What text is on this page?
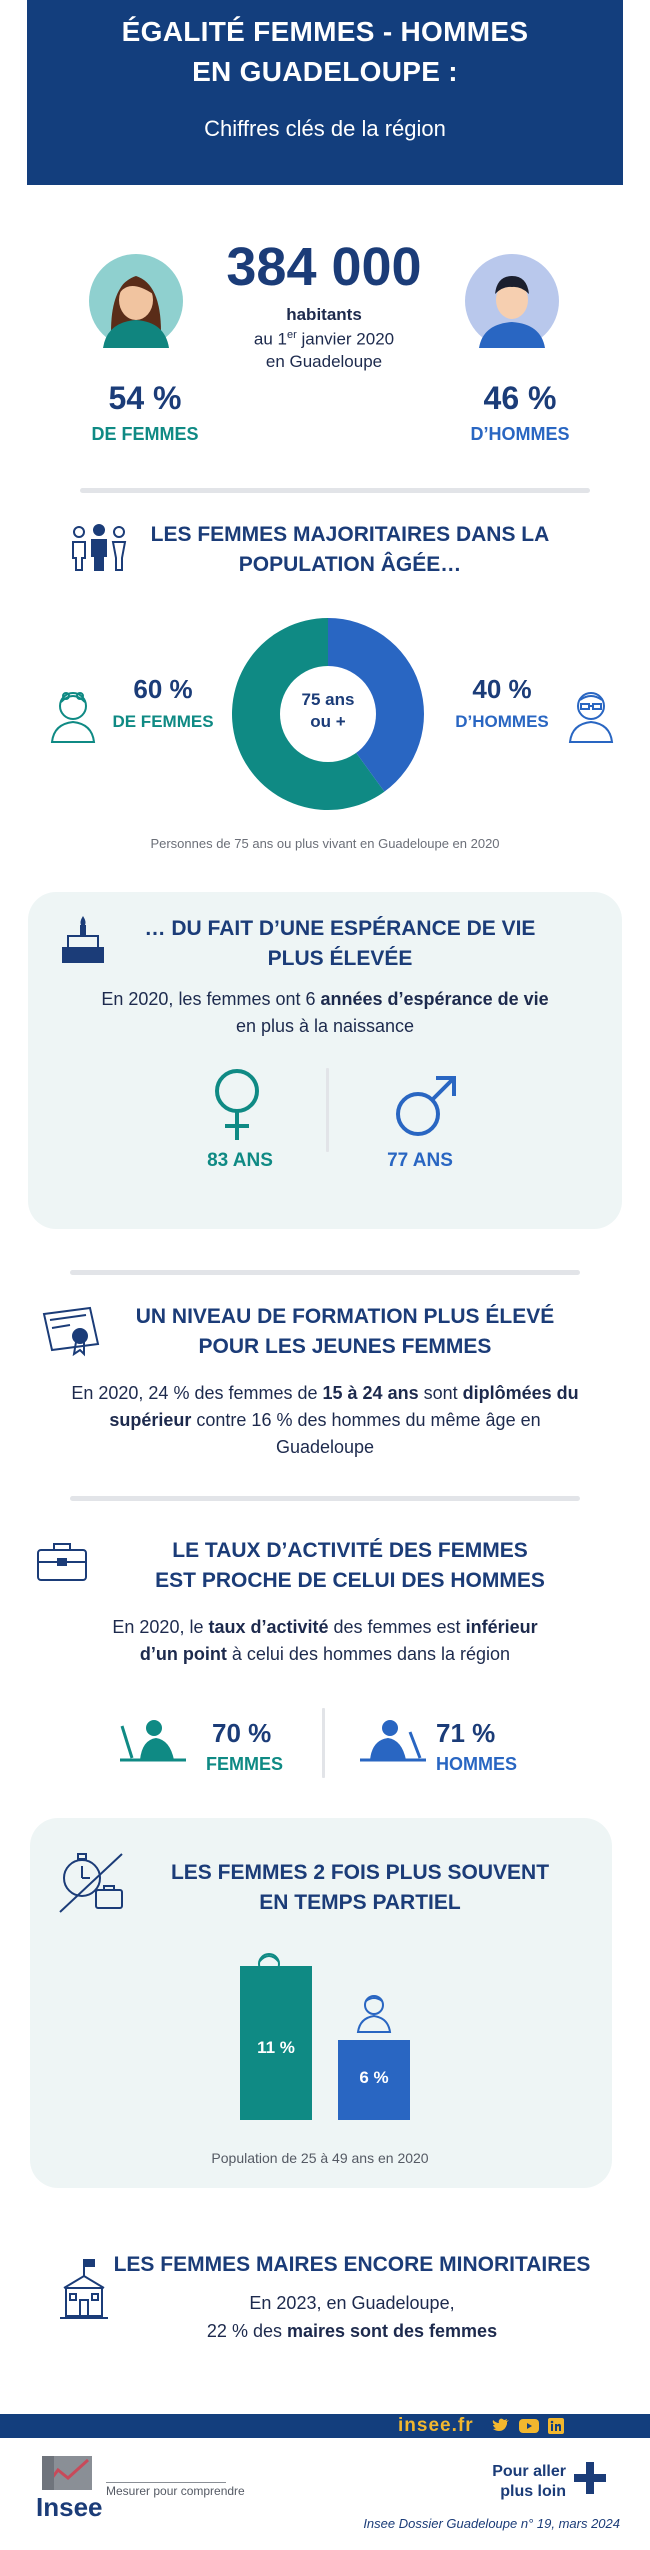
ÉGALITÉ FEMMES - HOMMES
EN GUADELOUPE :
Chiffres clés de la région
384 000
habitants
au 1er janvier 2020
en Guadeloupe
54 %
DE FEMMES
46 %
D’HOMMES
LES FEMMES MAJORITAIRES DANS LA
POPULATION ÂGÉE…
60 %
DE FEMMES
75 ans
ou +
40 %
D’HOMMES
Personnes de 75 ans ou plus vivant en Guadeloupe en 2020
… DU FAIT D’UNE ESPÉRANCE DE VIE
PLUS ÉLEVÉE
En 2020, les femmes ont 6 années d’espérance de vie
en plus à la naissance
83 ANS	77 ANS
UN NIVEAU DE FORMATION PLUS ÉLEVÉ
POUR LES JEUNES FEMMES
En 2020, 24 % des femmes de 15 à 24 ans sont diplômées du
supérieur contre 16 % des hommes du même âge en
Guadeloupe
LE TAUX D’ACTIVITÉ DES FEMMES
EST PROCHE DE CELUI DES HOMMES
En 2020, le taux d’activité des femmes est inférieur
d’un point à celui des hommes dans la région
70 %
FEMMES
71 %
HOMMES
LES FEMMES 2 FOIS PLUS SOUVENT
EN TEMPS PARTIEL
11 %
6 %
Population de 25 à 49 ans en 2020
LES FEMMES MAIRES ENCORE MINORITAIRES
En 2023, en Guadeloupe,
22 % des maires sont des femmes
insee.fr
Insee
Mesurer pour comprendre
Pour aller
plus loin
Insee Dossier Guadeloupe n° 19, mars 2024
